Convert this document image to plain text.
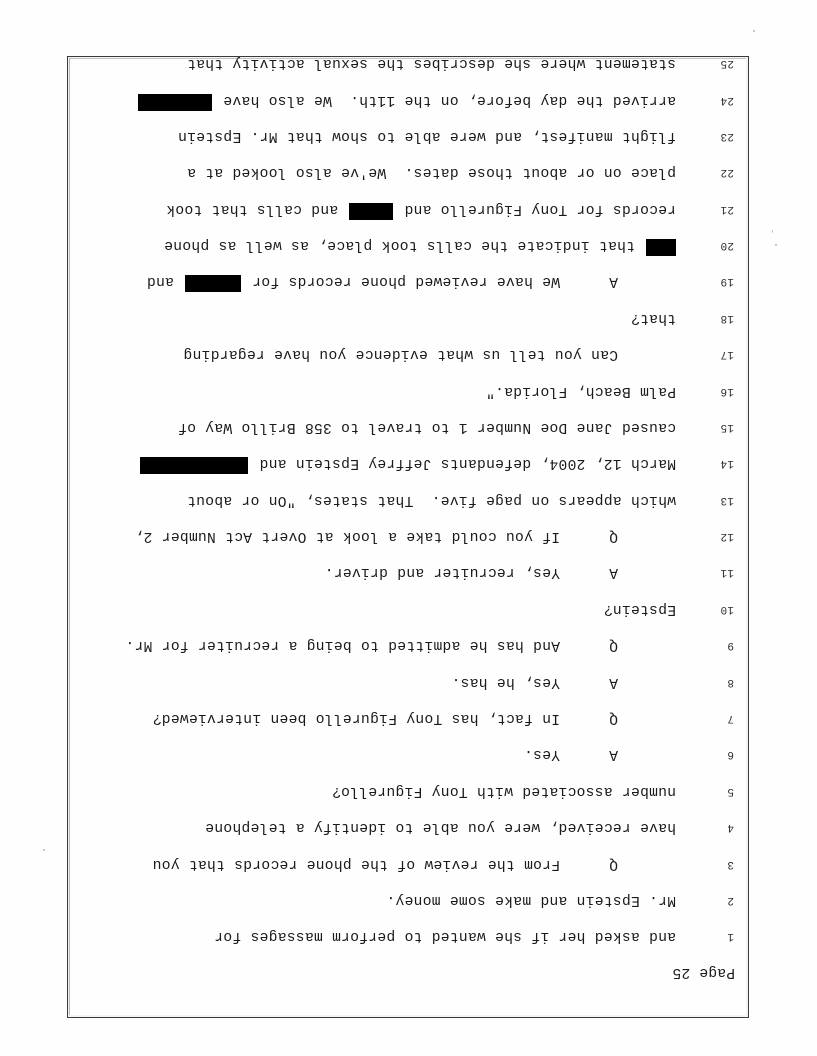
Page 25

1

and asked her if she wanted to perform massages for

2

Mr. Epstein and make some money.

3

Q

From the review of the phone records that you

4

have received, were you able to identify a telephone

5

number associated with Tony Figurello?

6

A

Yes.

7

Q

In fact, has Tony Figurello been interviewed?

8

A

Yes, he has.

9

Q

And has he admitted to being a recruiter for Mr.

10

Epstein?

11

A

Yes, recruiter and driver.

12

Q

If you could take a look at Overt Act Number 2,

13

which appears on page five.  That states, "On or about

14

March 12, 2004, defendants Jeffrey Epstein and

15

caused Jane Doe Number 1 to travel to 358 Brillo Way of

16

Palm Beach, Florida."

17

Can you tell us what evidence you have regarding

18

that?

19

A

We have reviewed phone records for  and

20

that indicate the calls took place, as well as phone

21

records for Tony Figurello and  and calls that took

22

place on or about those dates.  We've also looked at a

23

flight manifest, and were able to show that Mr. Epstein

24

arrived the day before, on the 11th.  We also have

25

statement where she describes the sexual activity that
